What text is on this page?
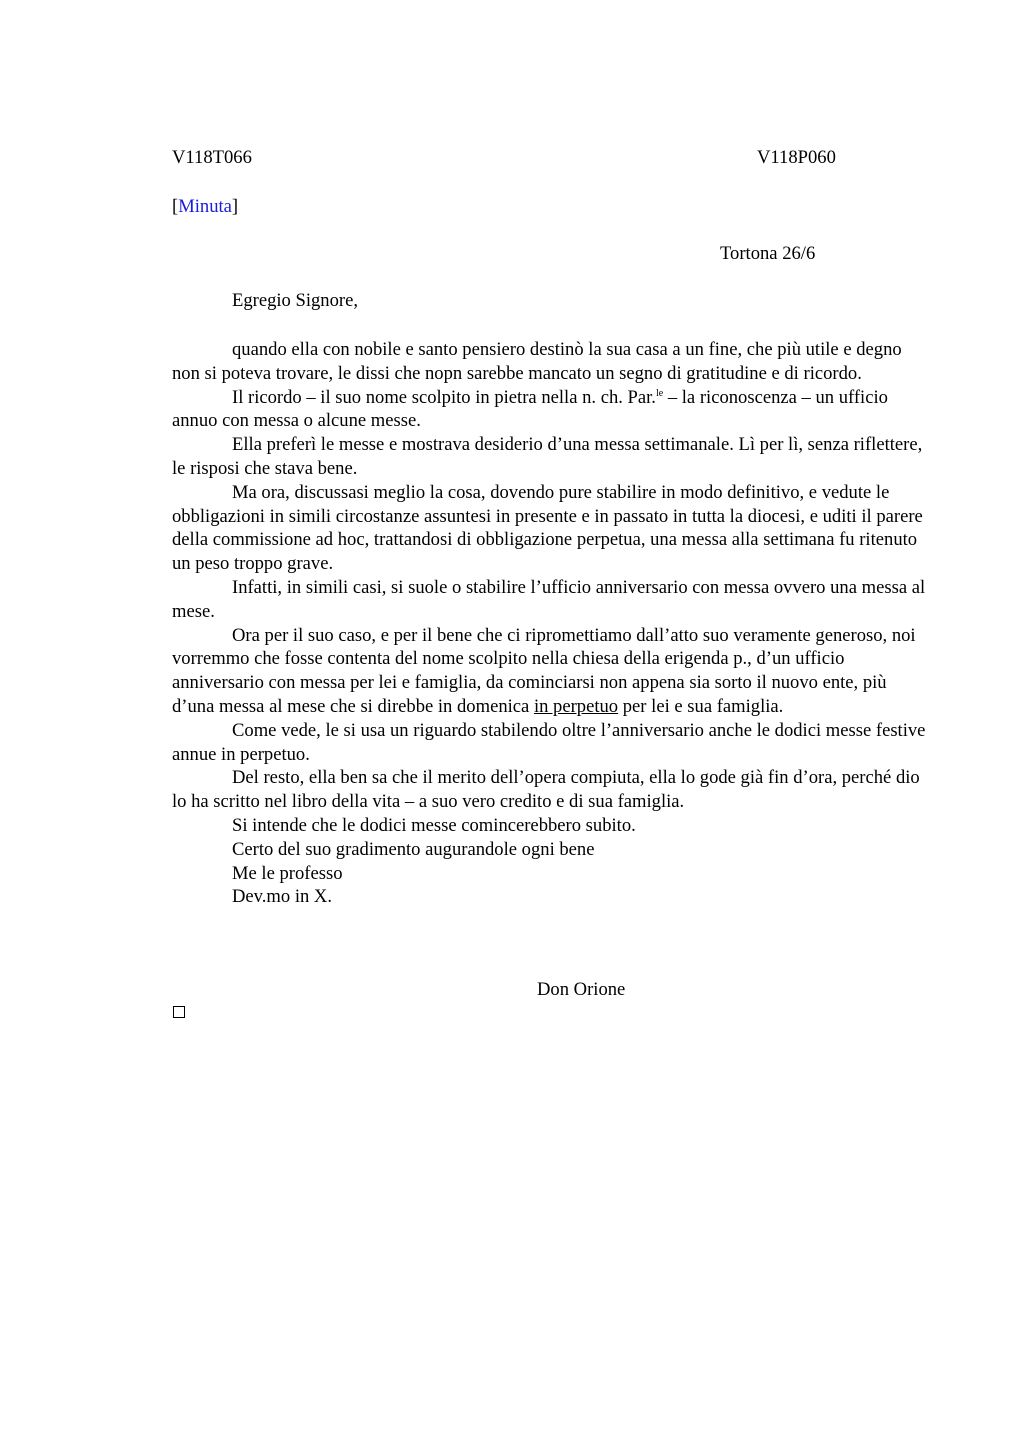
V118T066	V118P060
[Minuta]
Tortona 26/6
Egregio Signore,

quando ella con nobile e santo pensiero destinò la sua casa a un fine, che più utile e degno non si poteva trovare, le dissi che nopn sarebbe mancato un segno di gratitudine e di ricordo.

Il ricordo – il suo nome scolpito in pietra nella n. ch. Par.$^{le}$ – la riconoscenza – un ufficio annuo con messa o alcune messe.

Ella preferì le messe e mostrava desiderio d’una messa settimanale. Lì per lì, senza riflettere, le risposi che stava bene.

Ma ora, discussasi meglio la cosa, dovendo pure stabilire in modo definitivo, e vedute le obbligazioni in simili circostanze assuntesi in presente e in passato in tutta la diocesi, e uditi il parere della commissione ad hoc, trattandosi di obbligazione perpetua, una messa alla settimana fu ritenuto un peso troppo grave.

Infatti, in simili casi, si suole o stabilire l’ufficio anniversario con messa ovvero una messa al mese.

Ora per il suo caso, e per il bene che ci ripromettiamo dall’atto suo veramente generoso, noi vorremmo che fosse contenta del nome scolpito nella chiesa della erigenda p., d’un ufficio anniversario con messa per lei e famiglia, da cominciarsi non appena sia sorto il nuovo ente, più d’una messa al mese che si direbbe in domenica in perpetuo per lei e sua famiglia.

Come vede, le si usa un riguardo stabilendo oltre l’anniversario anche le dodici messe festive annue in perpetuo.

Del resto, ella ben sa che il merito dell’opera compiuta, ella lo gode già fin d’ora, perché dio lo ha scritto nel libro della vita – a suo vero credito e di sua famiglia.

Si intende che le dodici messe comincerebbero subito.

Certo del suo gradimento augurandole ogni bene

Me le professo

Dev.mo in X.

Don Orione
